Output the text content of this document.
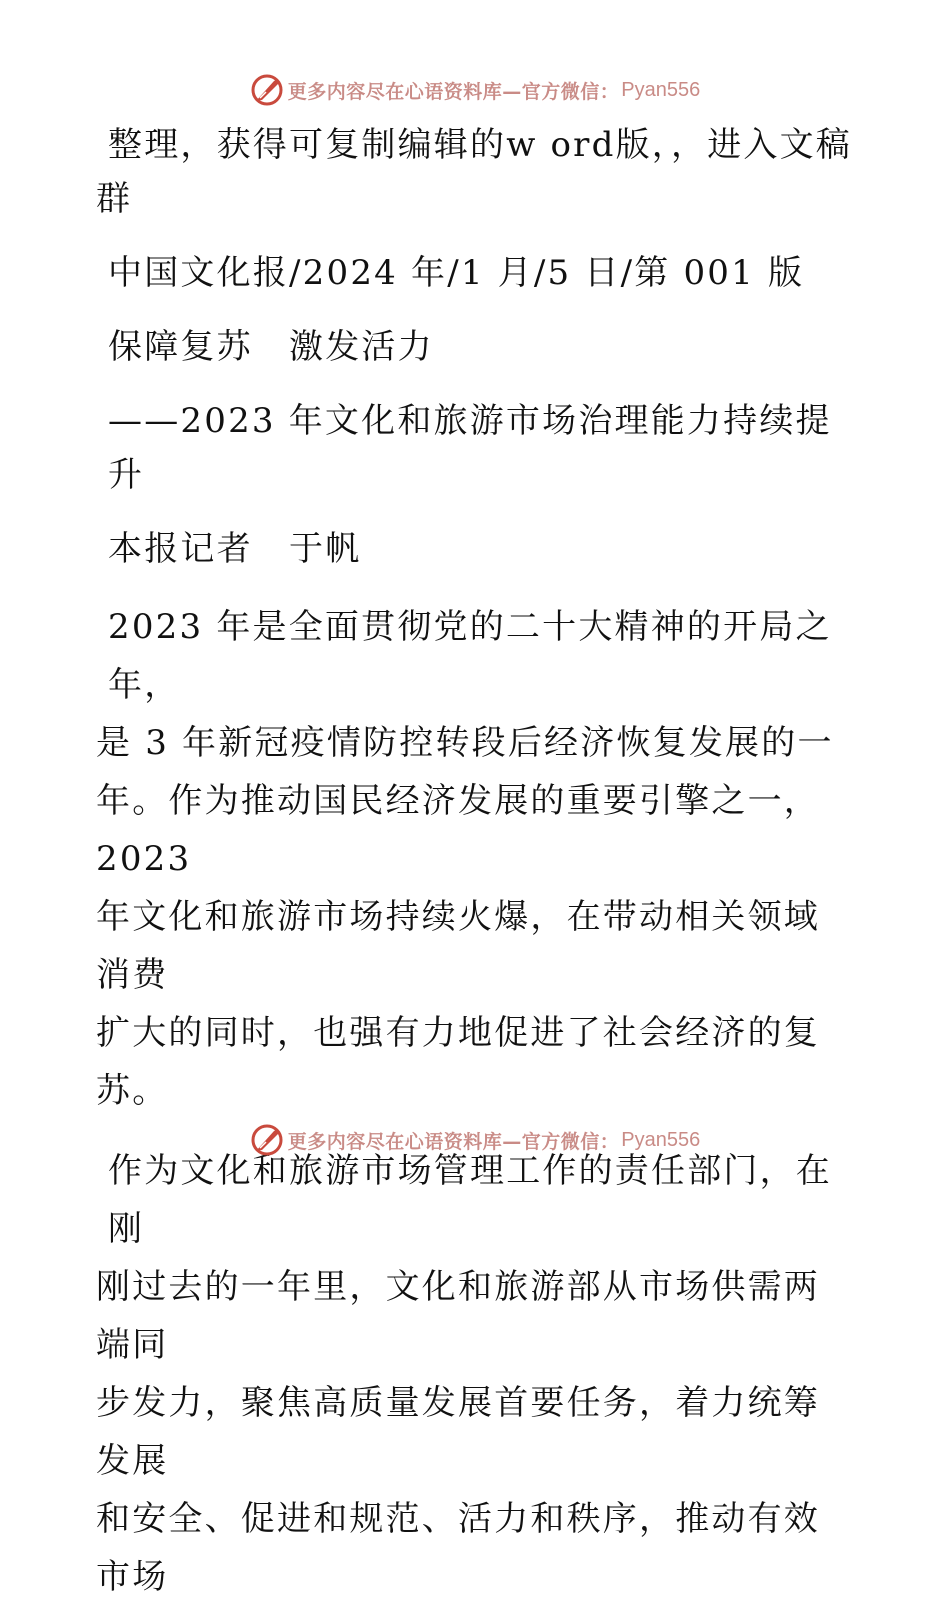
更多内容尽在心语资料库—官方微信： Pyan556

整理，获得可复制编辑的w ord版，，进入文稿

群

中国文化报/2024 年/1 月/5 日/第 001 版

保障复苏　激发活力

——2023 年文化和旅游市场治理能力持续提升

本报记者　于帆

2023 年是全面贯彻党的二十大精神的开局之年，

是 3 年新冠疫情防控转段后经济恢复发展的一

年。作为推动国民经济发展的重要引擎之一，2023

年文化和旅游市场持续火爆，在带动相关领域消费

扩大的同时，也强有力地促进了社会经济的复苏。

作为文化和旅游市场管理工作的责任部门，在刚

刚过去的一年里，文化和旅游部从市场供需两端同

步发力，聚焦高质量发展首要任务，着力统筹发展

和安全、促进和规范、活力和秩序，推动有效市场

更多内容尽在心语资料库—官方微信： Pyan556
